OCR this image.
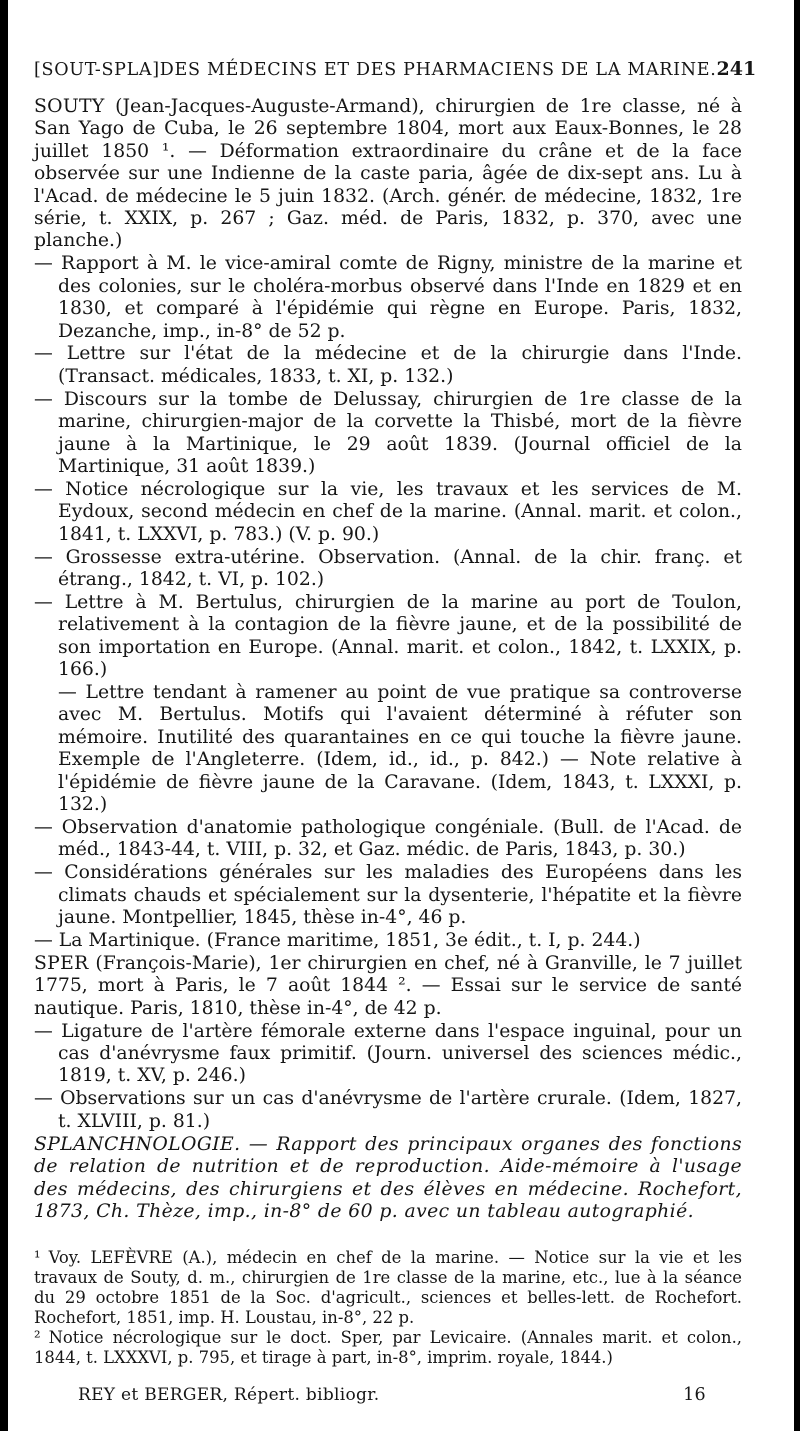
[SOUT-SPLA] DES MÉDECINS ET DES PHARMACIENS DE LA MARINE. 241

SOUTY (Jean-Jacques-Auguste-Armand), chirurgien de 1re classe, né à San Yago de Cuba, le 26 septembre 1804, mort aux Eaux-Bonnes, le 28 juillet 1850 ¹. — Déformation extraordinaire du crâne et de la face observée sur une Indienne de la caste paria, âgée de dix-sept ans. Lu à l'Acad. de médecine le 5 juin 1832. (Arch. génér. de médecine, 1832, 1re série, t. XXIX, p. 267 ; Gaz. méd. de Paris, 1832, p. 370, avec une planche.)

— Rapport à M. le vice-amiral comte de Rigny, ministre de la marine et des colonies, sur le choléra-morbus observé dans l'Inde en 1829 et en 1830, et comparé à l'épidémie qui règne en Europe. Paris, 1832, Dezanche, imp., in-8° de 52 p.

— Lettre sur l'état de la médecine et de la chirurgie dans l'Inde. (Transact. médicales, 1833, t. XI, p. 132.)

— Discours sur la tombe de Delussay, chirurgien de 1re classe de la marine, chirurgien-major de la corvette la Thisbé, mort de la fièvre jaune à la Martinique, le 29 août 1839. (Journal officiel de la Martinique, 31 août 1839.)

— Notice nécrologique sur la vie, les travaux et les services de M. Eydoux, second médecin en chef de la marine. (Annal. marit. et colon., 1841, t. LXXVI, p. 783.) (V. p. 90.)

— Grossesse extra-utérine. Observation. (Annal. de la chir. franç. et étrang., 1842, t. VI, p. 102.)

— Lettre à M. Bertulus, chirurgien de la marine au port de Toulon, relativement à la contagion de la fièvre jaune, et de la possibilité de son importation en Europe. (Annal. marit. et colon., 1842, t. LXXIX, p. 166.)

— Lettre tendant à ramener au point de vue pratique sa controverse avec M. Bertulus. Motifs qui l'avaient déterminé à réfuter son mémoire. Inutilité des quarantaines en ce qui touche la fièvre jaune. Exemple de l'Angleterre. (Idem, id., id., p. 842.) — Note relative à l'épidémie de fièvre jaune de la Caravane. (Idem, 1843, t. LXXXI, p. 132.)

— Observation d'anatomie pathologique congéniale. (Bull. de l'Acad. de méd., 1843-44, t. VIII, p. 32, et Gaz. médic. de Paris, 1843, p. 30.)

— Considérations générales sur les maladies des Européens dans les climats chauds et spécialement sur la dysenterie, l'hépatite et la fièvre jaune. Montpellier, 1845, thèse in-4°, 46 p.

— La Martinique. (France maritime, 1851, 3e édit., t. I, p. 244.)

SPER (François-Marie), 1er chirurgien en chef, né à Granville, le 7 juillet 1775, mort à Paris, le 7 août 1844 ². — Essai sur le service de santé nautique. Paris, 1810, thèse in-4°, de 42 p.

— Ligature de l'artère fémorale externe dans l'espace inguinal, pour un cas d'anévrysme faux primitif. (Journ. universel des sciences médic., 1819, t. XV, p. 246.)

— Observations sur un cas d'anévrysme de l'artère crurale. (Idem, 1827, t. XLVIII, p. 81.)

SPLANCHNOLOGIE. — Rapport des principaux organes des fonctions de relation de nutrition et de reproduction. Aide-mémoire à l'usage des médecins, des chirurgiens et des élèves en médecine. Rochefort, 1873, Ch. Thèze, imp., in-8° de 60 p. avec un tableau autographié.

¹ Voy. LEFÈVRE (A.), médecin en chef de la marine. — Notice sur la vie et les travaux de Souty, d. m., chirurgien de 1re classe de la marine, etc., lue à la séance du 29 octobre 1851 de la Soc. d'agricult., sciences et belles-lett. de Rochefort. Rochefort, 1851, imp. H. Loustau, in-8°, 22 p.

² Notice nécrologique sur le doct. Sper, par Levicaire. (Annales marit. et colon., 1844, t. LXXXVI, p. 795, et tirage à part, in-8°, imprim. royale, 1844.)

REY et BERGER, Répert. bibliogr.	16
